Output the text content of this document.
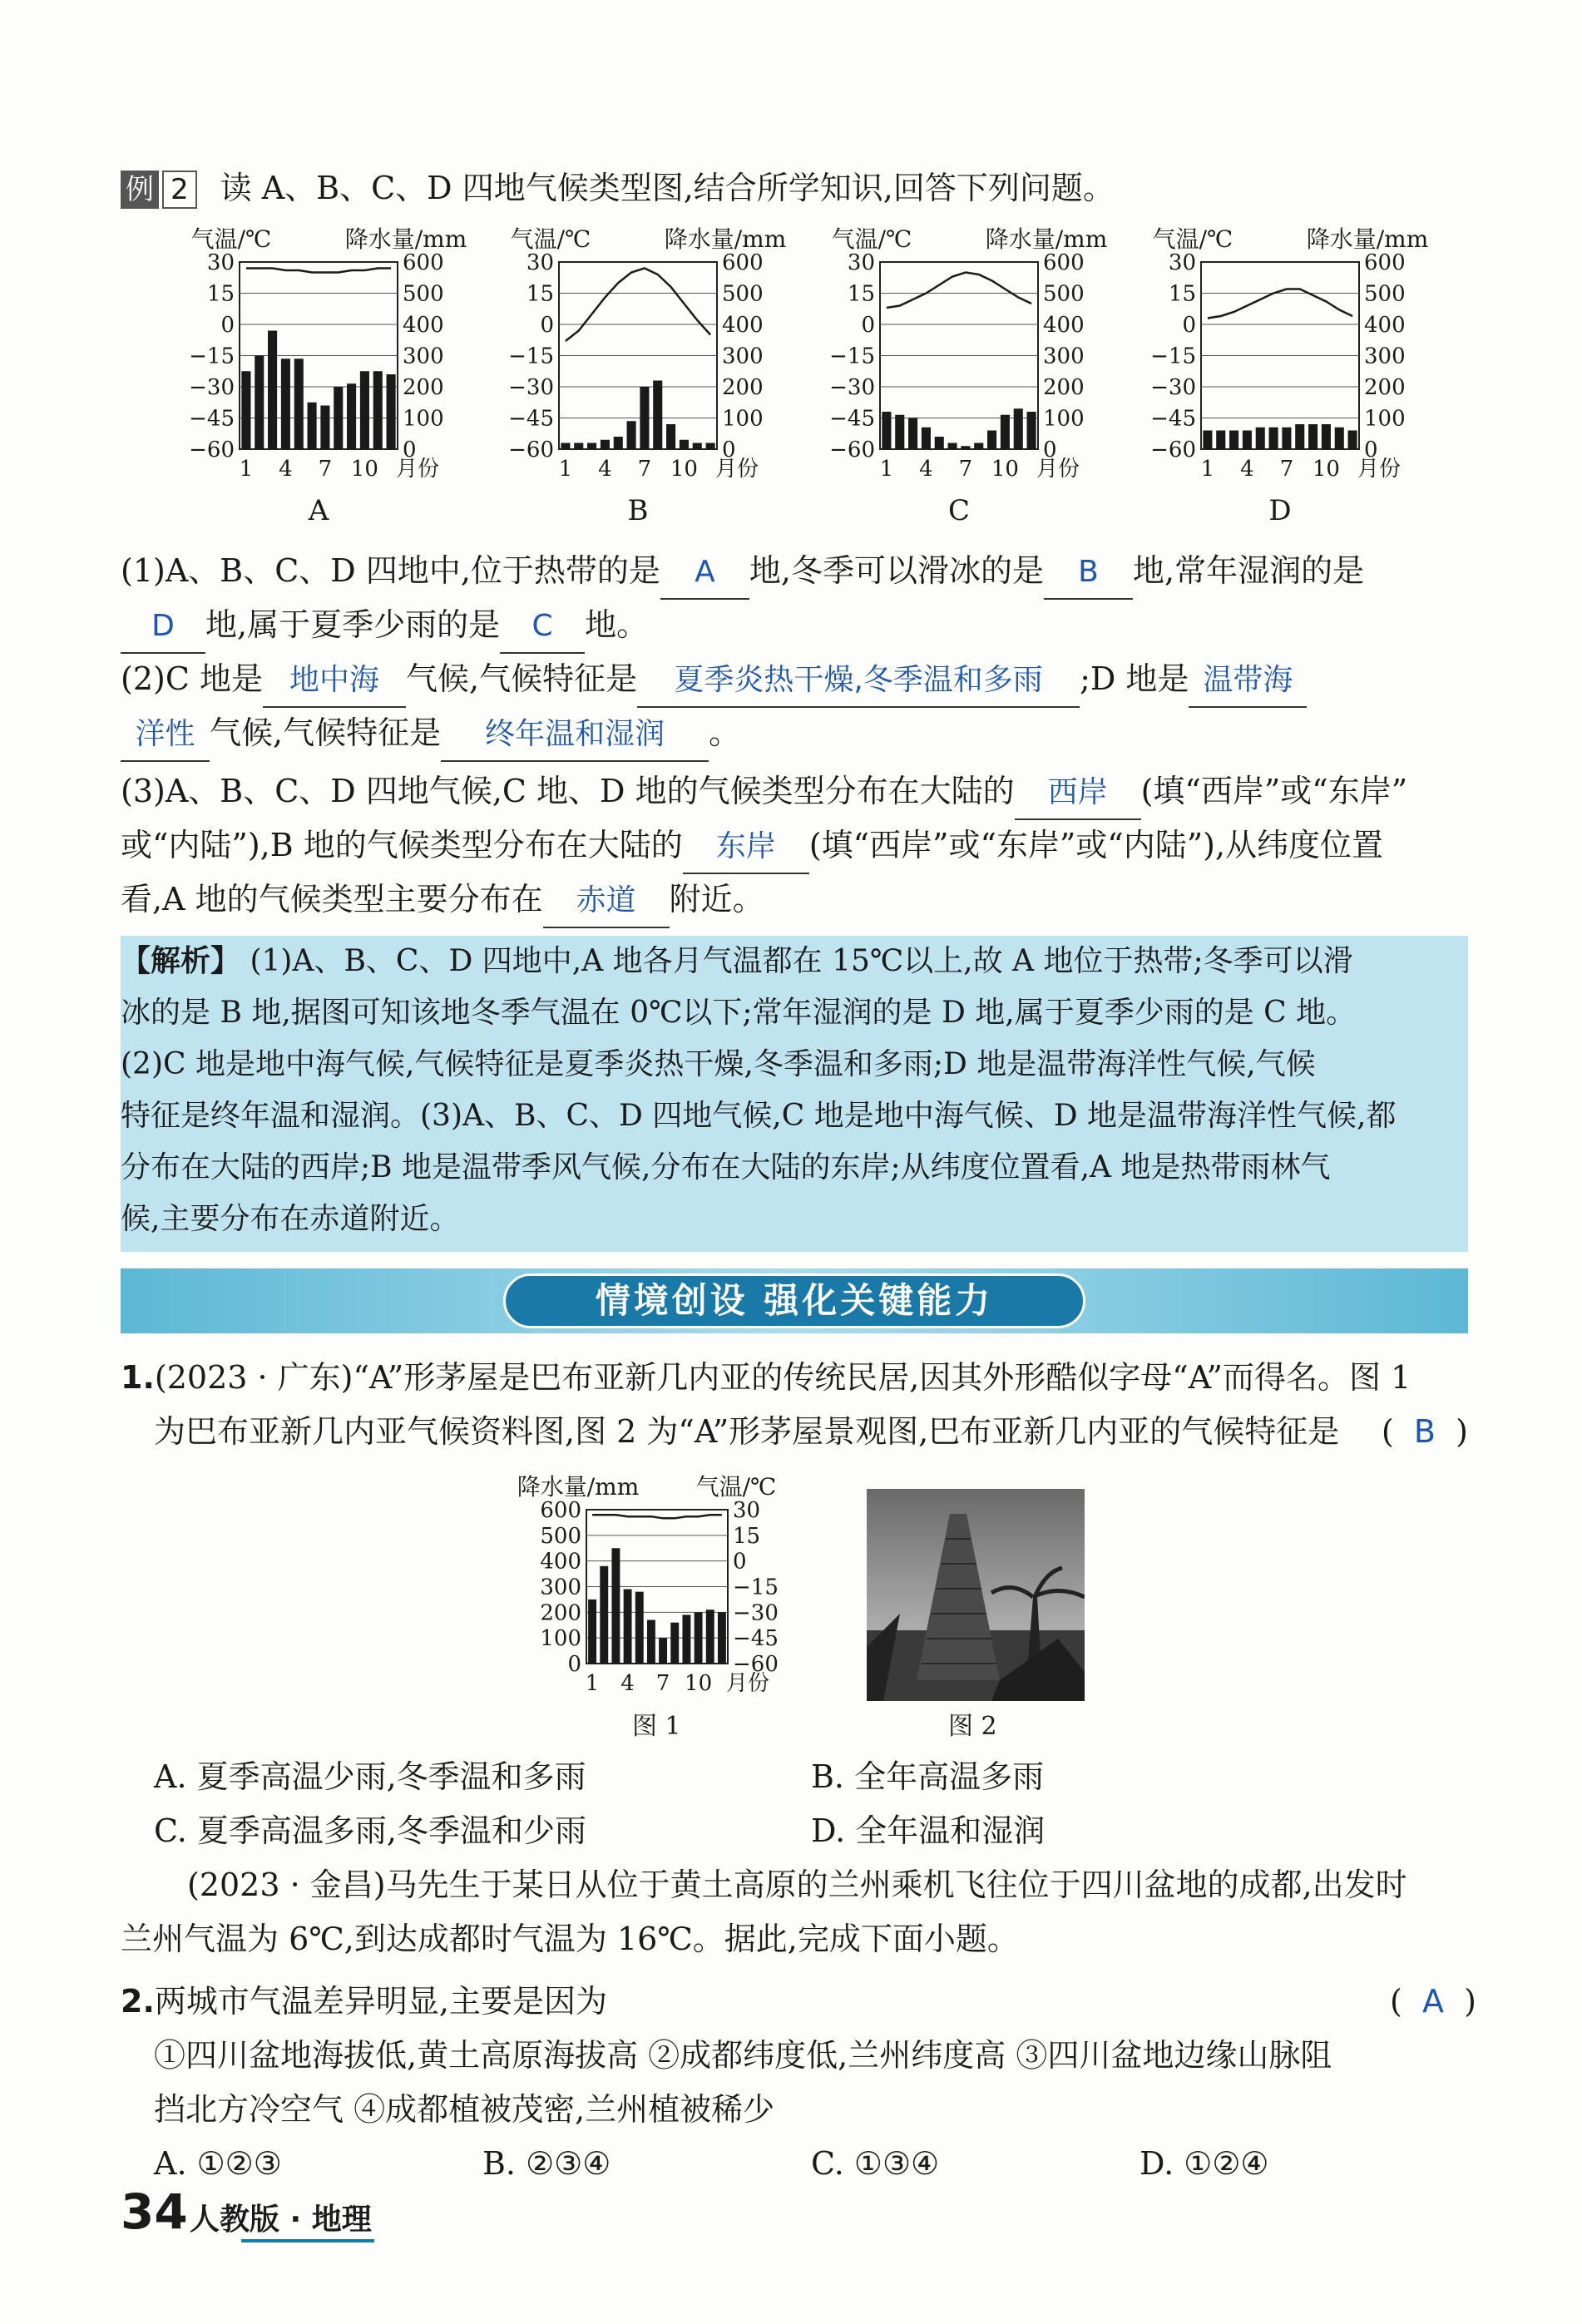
例 2 读 A、B、C、D 四地气候类型图,结合所学知识,回答下列问题。
30	600
15	500
0	400
−15	300
−30	200
−45	100
−60	0
气温/℃	降水量/mm
1 4 7 10 月份
A
30	600
15	500
0	400
−15	300
−30	200
−45	100
−60	0
气温/℃	降水量/mm
1 4 7 10 月份
B
30	600
15	500
0	400
−15	300
−30	200
−45	100
−60	0
气温/℃	降水量/mm
1 4 7 10 月份
C
30	600
15	500
0	400
−15	300
−30	200
−45	100
−60	0
气温/℃	降水量/mm
1 4 7 10 月份
D
(1)A、B、C、D 四地中,位于热带的是 A 地,冬季可以滑冰的是 B 地,常年湿润的是
D 地,属于夏季少雨的是 C 地。
(2)C 地是 地中海 气候,气候特征是 夏季炎热干燥,冬季温和多雨 ;D 地是 温带海
洋性 气候,气候特征是 终年温和湿润 。
(3)A、B、C、D 四地气候,C 地、D 地的气候类型分布在大陆的 西岸 (填“西岸”或“东岸”
或“内陆”),B 地的气候类型分布在大陆的 东岸 (填“西岸”或“东岸”或“内陆”),从纬度位置
看,A 地的气候类型主要分布在 赤道 附近。
【解析】 (1)A、B、C、D 四地中,A 地各月气温都在 15℃以上,故 A 地位于热带;冬季可以滑
冰的是 B 地,据图可知该地冬季气温在 0℃以下;常年湿润的是 D 地,属于夏季少雨的是 C 地。
(2)C 地是地中海气候,气候特征是夏季炎热干燥,冬季温和多雨;D 地是温带海洋性气候,气候
特征是终年温和湿润。(3)A、B、C、D 四地气候,C 地是地中海气候、D 地是温带海洋性气候,都
分布在大陆的西岸;B 地是温带季风气候,分布在大陆的东岸;从纬度位置看,A 地是热带雨林气
候,主要分布在赤道附近。
情境创设 强化关键能力
1.(2023 · 广东)“A”形茅屋是巴布亚新几内亚的传统民居,因其外形酷似字母“A”而得名。图 1
为巴布亚新几内亚气候资料图,图 2 为“A”形茅屋景观图,巴布亚新几内亚的气候特征是 ( B )
600	30
500	15
400	0
300	−15
200	−30
100	−45
0	−60
降水量/mm 气温/℃
1 4 7 10 月份
图 1	图 2
A. 夏季高温少雨,冬季温和多雨	B. 全年高温多雨
C. 夏季高温多雨,冬季温和少雨	D. 全年温和湿润
(2023 · 金昌)马先生于某日从位于黄土高原的兰州乘机飞往位于四川盆地的成都,出发时
兰州气温为 6℃,到达成都时气温为 16℃。据此,完成下面小题。
2.两城市气温差异明显,主要是因为	( A )
①四川盆地海拔低,黄土高原海拔高 ②成都纬度低,兰州纬度高 ③四川盆地边缘山脉阻
挡北方冷空气 ④成都植被茂密,兰州植被稀少
A. ①②③	B. ②③④	C. ①③④	D. ①②④
34 人教版 · 地理
